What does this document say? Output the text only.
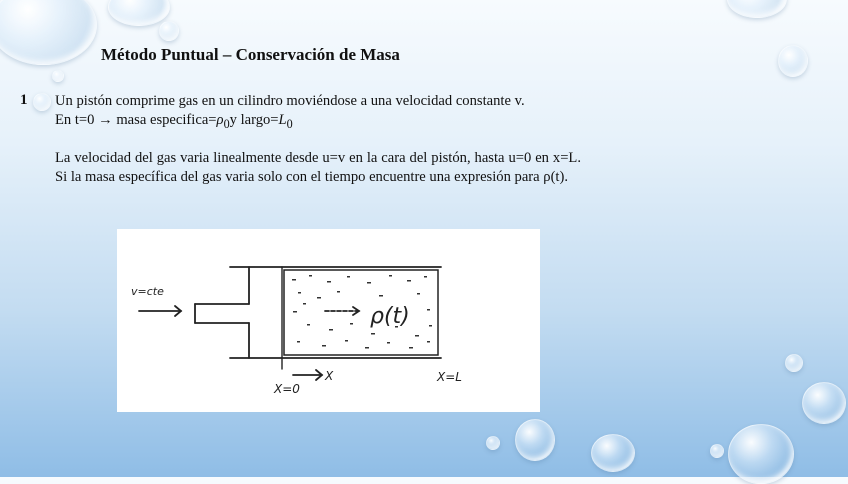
Método Puntual – Conservación de Masa
1 Un pistón comprime gas en un cilindro moviéndose a una velocidad constante v.
En t=0 → masa $especifica=\rho_0y$ $largo=L_0$
La velocidad del gas varia linealmente desde u=v en la cara del pistón, hasta u=0 en x=L. Si la masa específica del gas varia solo con el tiempo encuentre una expresión para ρ(t).
v=cte
ρ(t)
X=0
X	X=L
